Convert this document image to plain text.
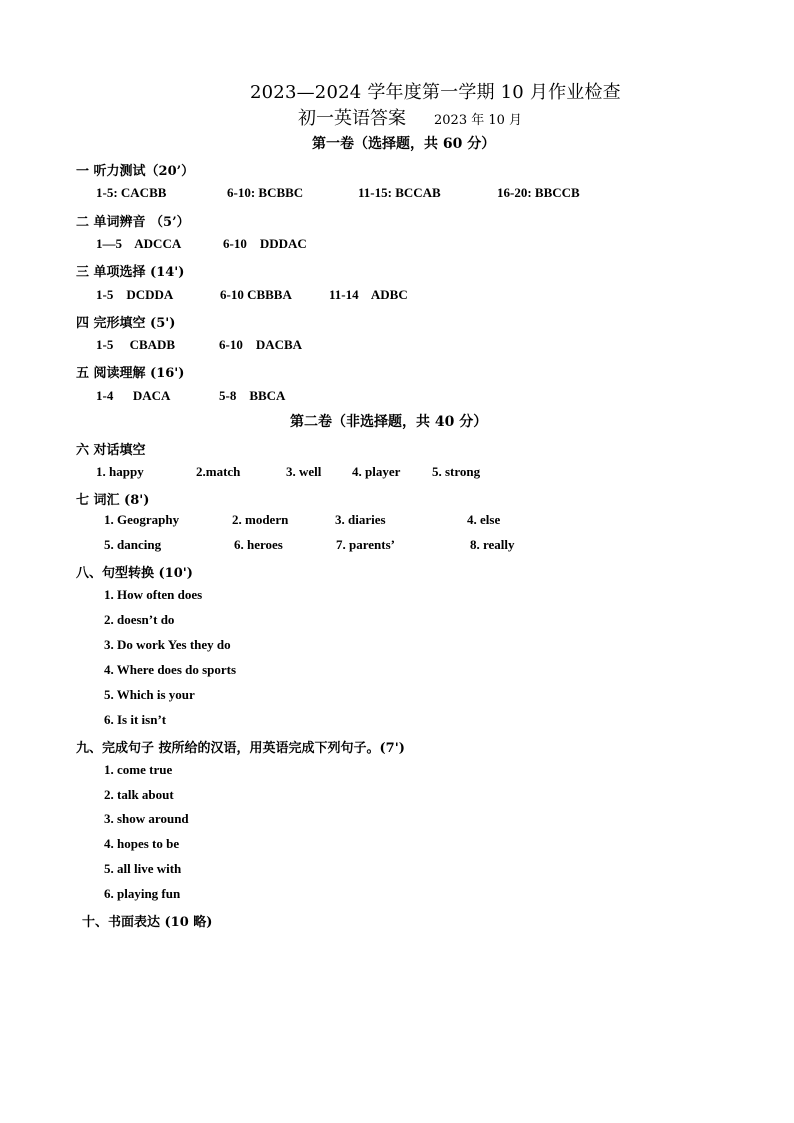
2023—2024 学年度第一学期 10 月作业检查
初一英语答案 2023 年 10 月
第一卷（选择题，共 60 分）
一 听力测试（20’）
1-5: CACBB	6-10: BCBBC	11-15: BCCAB	16-20: BBCCB
二 单词辨音 （5’）
1—5    ADCCA	6-10    DDDAC
三 单项选择 (14')
1-5    DCDDA	6-10 CBBBA	11-14    ADBC
四 完形填空 (5')
1-5     CBADB	6-10    DACBA
五 阅读理解 (16')
1-4      DACA	5-8    BBCA
第二卷（非选择题，共 40 分）
六 对话填空
1. happy	2.match	3. well 4. player 5. strong
七 词汇 (8')
1. Geography	2. modern	3. diaries	4. else
5. dancing	6. heroes	7. parents’	8. really
八、句型转换 (10')
1. How often does
2. doesn’t do
3. Do work Yes they do
4. Where does do sports
5. Which is your
6. Is it isn’t
九、完成句子 按所给的汉语，用英语完成下列句子。(7')
1. come true
2. talk about
3. show around
4. hopes to be
5. all live with
6. playing fun
十、书面表达 (10 略)
